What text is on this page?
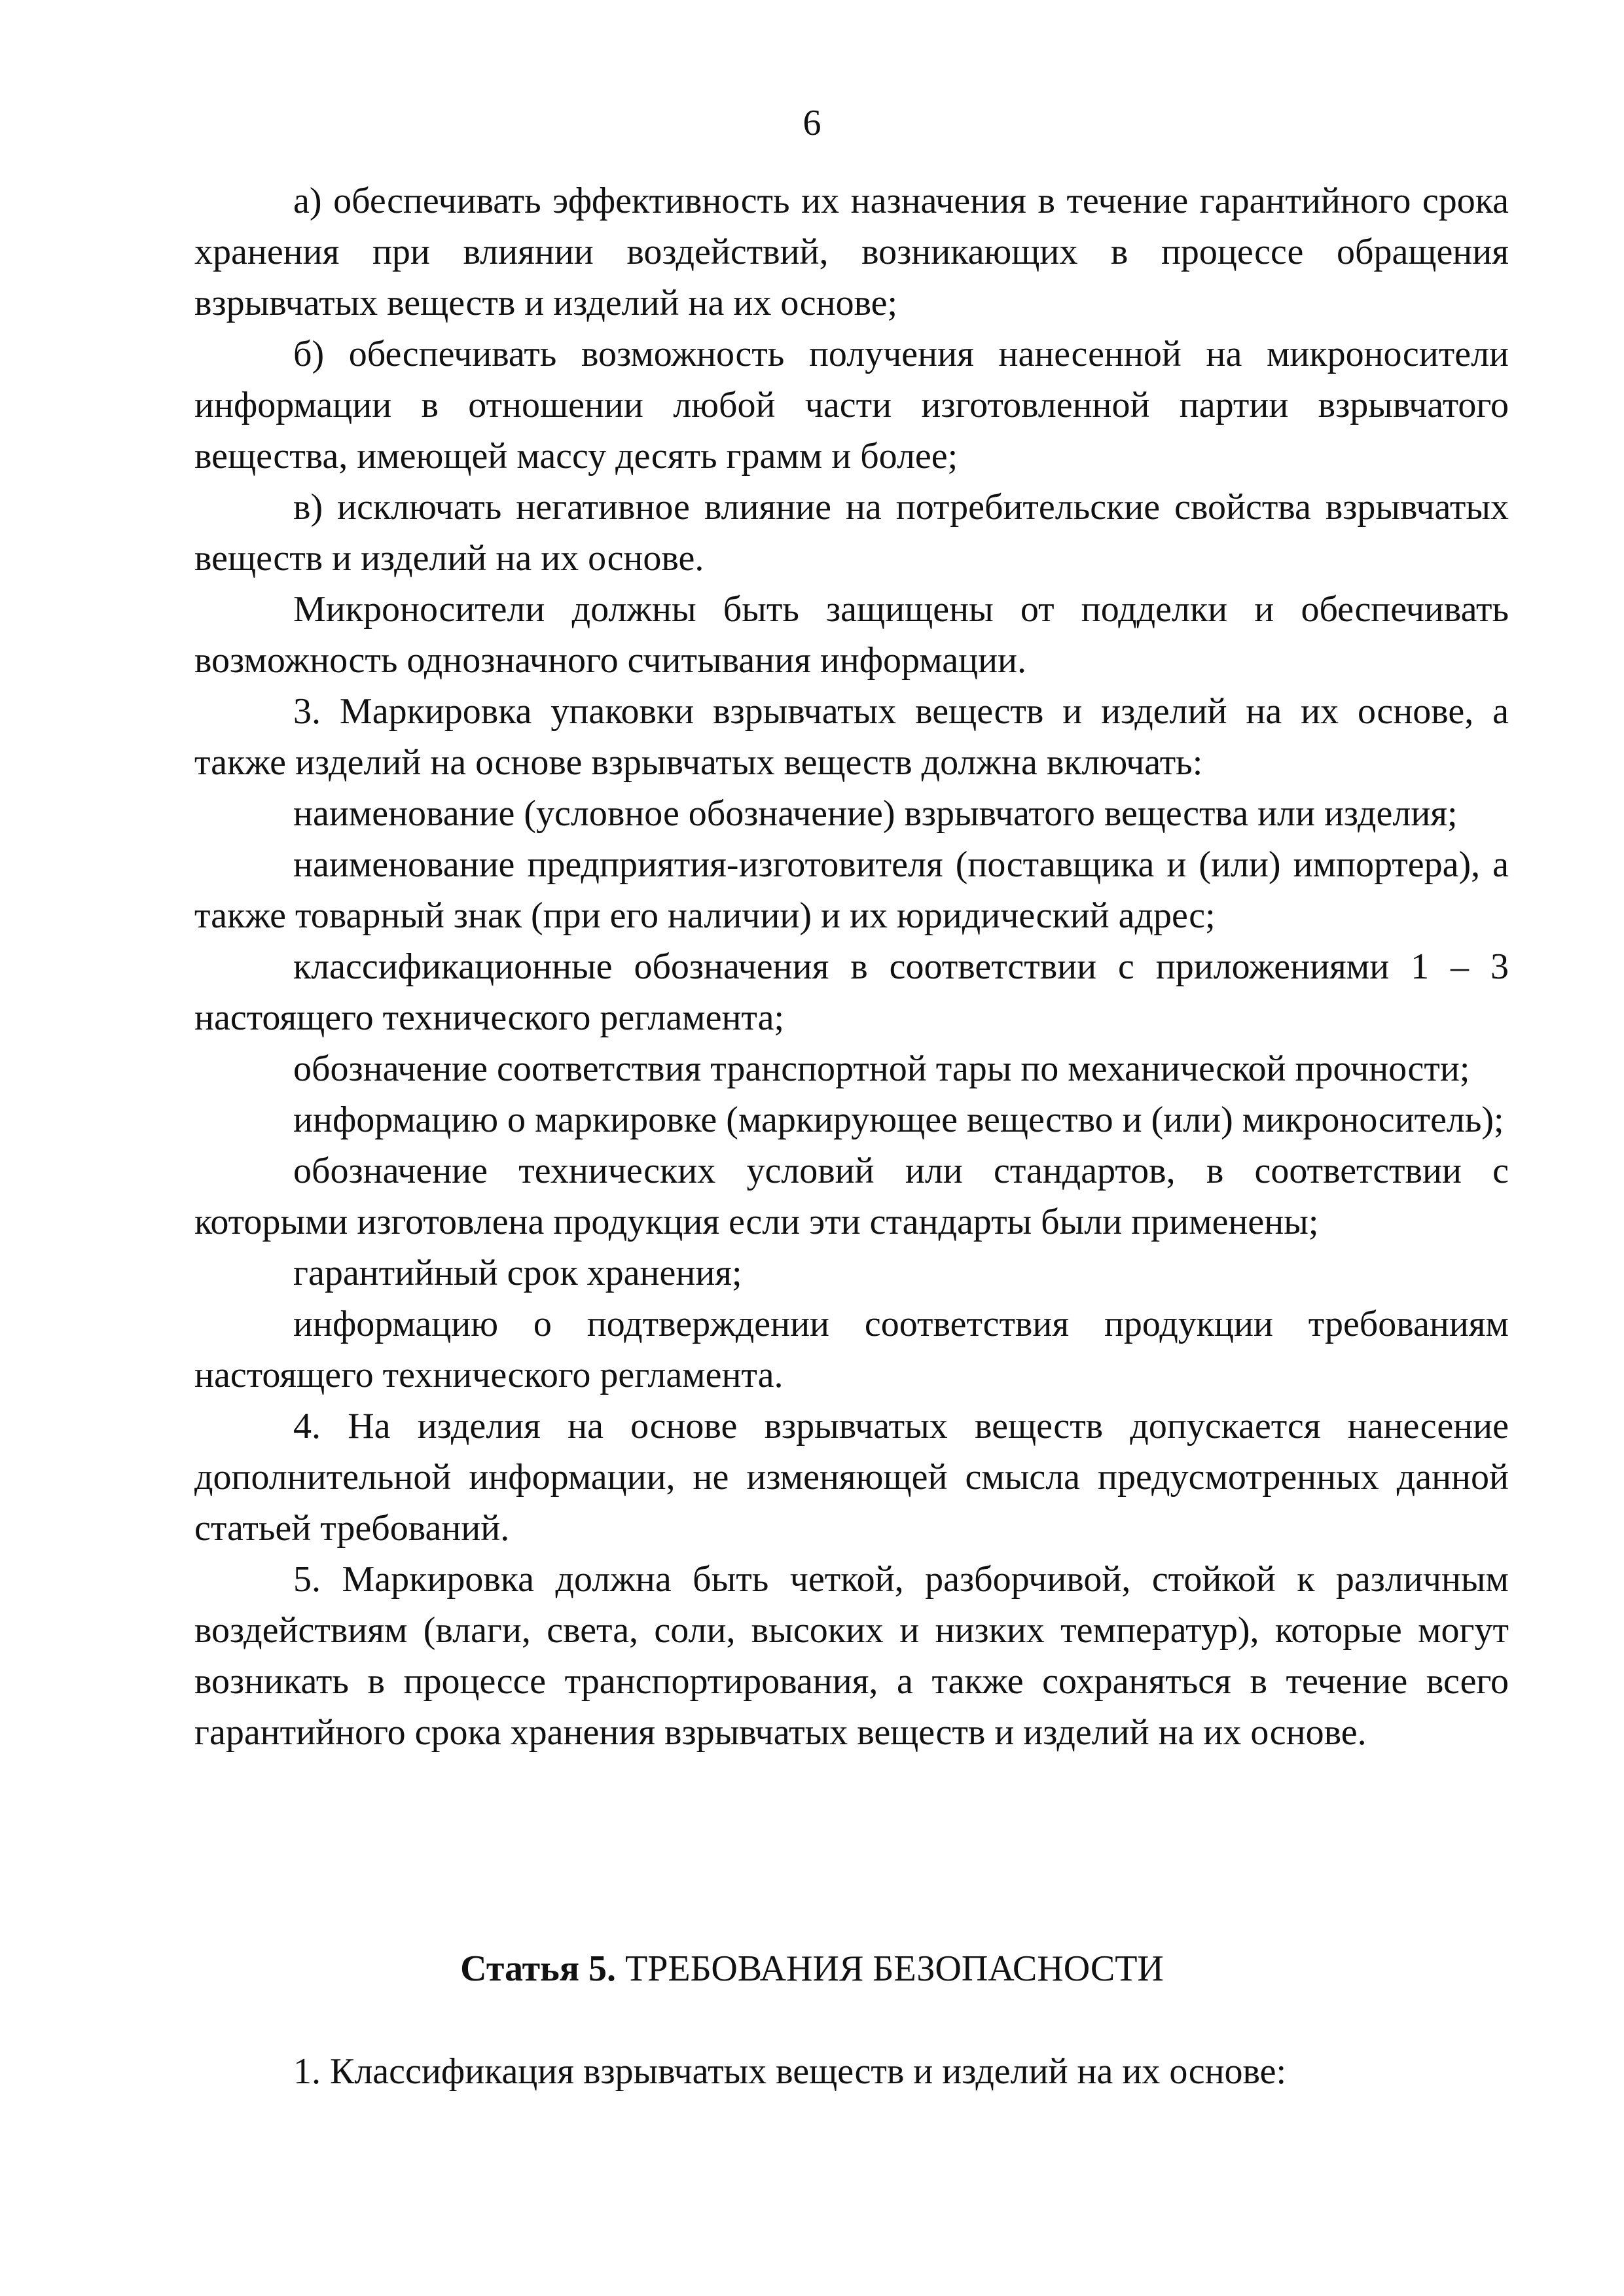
6

а) обеспечивать эффективность их назначения в течение гарантийного срока хранения при влиянии воздействий, возникающих в процессе обращения взрывчатых веществ и изделий на их основе;

б) обеспечивать возможность получения нанесенной на микроносители информации в отношении любой части изготовленной партии взрывчатого вещества, имеющей массу десять грамм и более;

в) исключать негативное влияние на потребительские свойства взрывчатых веществ и изделий на их основе.

Микроносители должны быть защищены от подделки и обеспечивать возможность однозначного считывания информации.

3. Маркировка упаковки взрывчатых веществ и изделий на их основе, а также изделий на основе взрывчатых веществ должна включать:

наименование (условное обозначение) взрывчатого вещества или изделия;

наименование предприятия-изготовителя (поставщика и (или) импортера), а также товарный знак (при его наличии) и их юридический адрес;

классификационные обозначения в соответствии с приложениями 1 – 3 настоящего технического регламента;

обозначение соответствия транспортной тары по механической прочности;

информацию о маркировке (маркирующее вещество и (или) микроноситель);

обозначение технических условий или стандартов, в соответствии с которыми изготовлена продукция если эти стандарты были применены;

гарантийный срок хранения;

информацию о подтверждении соответствия продукции требованиям настоящего технического регламента.

4. На изделия на основе взрывчатых веществ допускается нанесение дополнительной информации, не изменяющей смысла предусмотренных данной статьей требований.

5. Маркировка должна быть четкой, разборчивой, стойкой к различным воздействиям (влаги, света, соли, высоких и низких температур), которые могут возникать в процессе транспортирования, а также сохраняться в течение всего гарантийного срока хранения взрывчатых веществ и изделий на их основе.

Статья 5. ТРЕБОВАНИЯ БЕЗОПАСНОСТИ

1. Классификация взрывчатых веществ и изделий на их основе:
